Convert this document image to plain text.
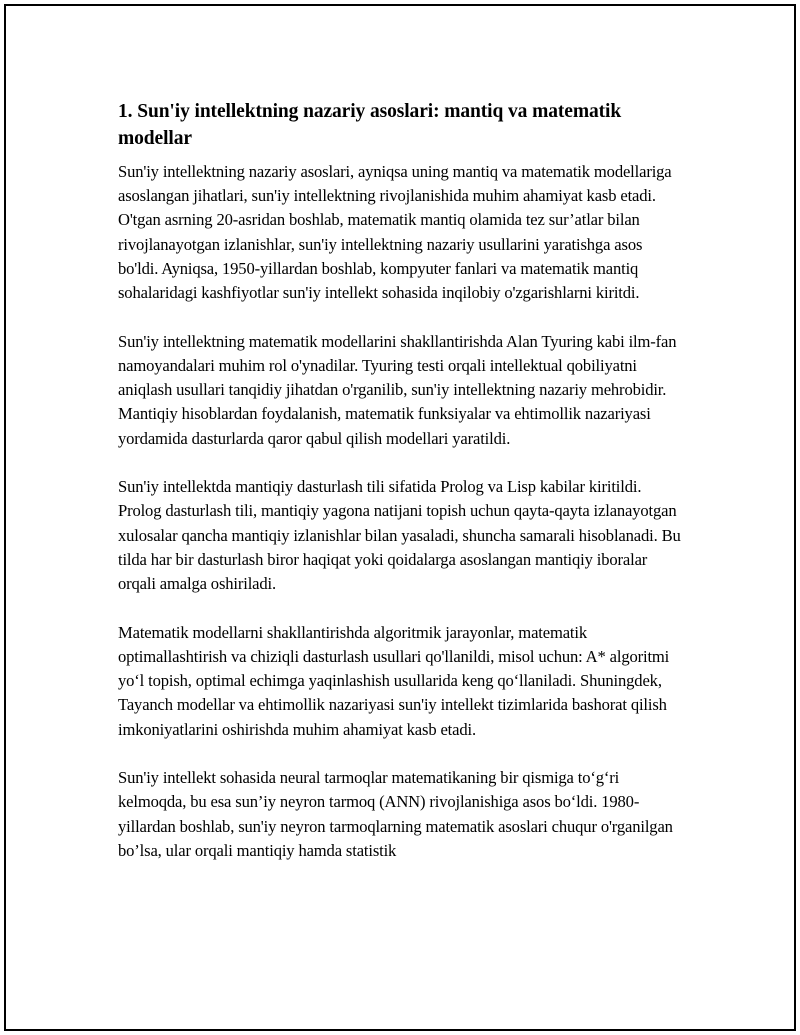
1. Sun'iy intellektning nazariy asoslari: mantiq va matematik modellar

Sun'iy intellektning nazariy asoslari, ayniqsa uning mantiq va matematik modellariga asoslangan jihatlari, sun'iy intellektning rivojlanishida muhim ahamiyat kasb etadi. O'tgan asrning 20-asridan boshlab, matematik mantiq olamida tez sur’atlar bilan rivojlanayotgan izlanishlar, sun'iy intellektning nazariy usullarini yaratishga asos bo'ldi. Ayniqsa, 1950-yillardan boshlab, kompyuter fanlari va matematik mantiq sohalaridagi kashfiyotlar sun'iy intellekt sohasida inqilobiy o'zgarishlarni kiritdi.

Sun'iy intellektning matematik modellarini shakllantirishda Alan Tyuring kabi ilm-fan namoyandalari muhim rol o'ynadilar. Tyuring testi orqali intellektual qobiliyatni aniqlash usullari tanqidiy jihatdan o'rganilib, sun'iy intellektning nazariy mehrobidir. Mantiqiy hisoblardan foydalanish, matematik funksiyalar va ehtimollik nazariyasi yordamida dasturlarda qaror qabul qilish modellari yaratildi.

Sun'iy intellektda mantiqiy dasturlash tili sifatida Prolog va Lisp kabilar kiritildi. Prolog dasturlash tili, mantiqiy yagona natijani topish uchun qayta-qayta izlanayotgan xulosalar qancha mantiqiy izlanishlar bilan yasaladi, shuncha samarali hisoblanadi. Bu tilda har bir dasturlash biror haqiqat yoki qoidalarga asoslangan mantiqiy iboralar orqali amalga oshiriladi.

Matematik modellarni shakllantirishda algoritmik jarayonlar, matematik optimallashtirish va chiziqli dasturlash usullari qo'llanildi, misol uchun: A* algoritmi yo‘l topish, optimal echimga yaqinlashish usullarida keng qo‘llaniladi. Shuningdek, Tayanch modellar va ehtimollik nazariyasi sun'iy intellekt tizimlarida bashorat qilish imkoniyatlarini oshirishda muhim ahamiyat kasb etadi.

Sun'iy intellekt sohasida neural tarmoqlar matematikaning bir qismiga to‘g‘ri kelmoqda, bu esa sun’iy neyron tarmoq (ANN) rivojlanishiga asos bo‘ldi. 1980-yillardan boshlab, sun'iy neyron tarmoqlarning matematik asoslari chuqur o'rganilgan bo’lsa, ular orqali mantiqiy hamda statistik
